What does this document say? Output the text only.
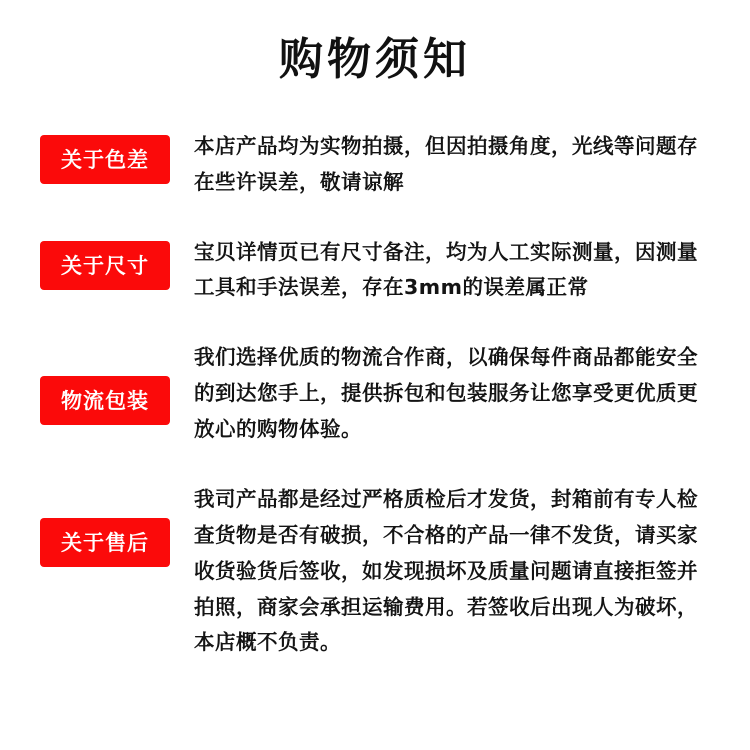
购物须知
关于色差
本店产品均为实物拍摄，但因拍摄角度，光线等问题存在些许误差，敬请谅解
关于尺寸
宝贝详情页已有尺寸备注，均为人工实际测量，因测量工具和手法误差，存在3mm的误差属正常
物流包装
我们选择优质的物流合作商，以确保每件商品都能安全的到达您手上，提供拆包和包装服务让您享受更优质更放心的购物体验。
关于售后
我司产品都是经过严格质检后才发货，封箱前有专人检查货物是否有破损，不合格的产品一律不发货，请买家收货验货后签收，如发现损坏及质量问题请直接拒签并拍照，商家会承担运输费用。若签收后出现人为破坏，本店概不负责。
